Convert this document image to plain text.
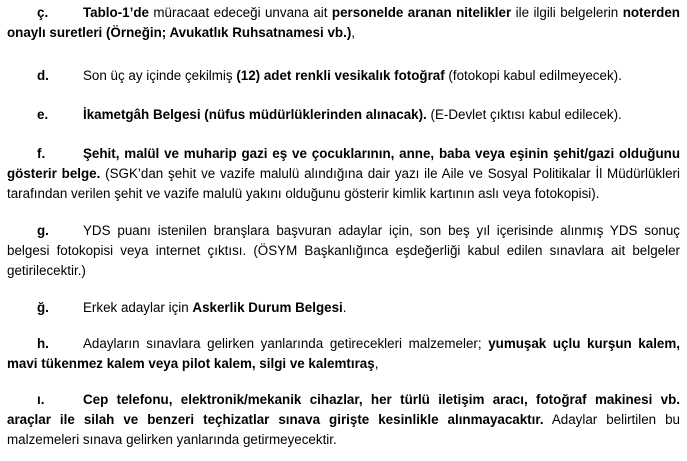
ç.	Tablo-1’de müracaat edeceği unvana ait personelde aranan nitelikler ile ilgili belgelerin noterden onaylı suretleri (Örneğin; Avukatlık Ruhsatnamesi vb.),

d.	Son üç ay içinde çekilmiş (12) adet renkli vesikalık fotoğraf (fotokopi kabul edilmeyecek).

e.	İkametgâh Belgesi (nüfus müdürlüklerinden alınacak). (E-Devlet çıktısı kabul edilecek).

f.	Şehit, malül ve muharip gazi eş ve çocuklarının, anne, baba veya eşinin şehit/gazi olduğunu gösterir belge. (SGK’dan şehit ve vazife malulü alındığına dair yazı ile Aile ve Sosyal Politikalar İl Müdürlükleri tarafından verilen şehit ve vazife malulü yakını olduğunu gösterir kimlik kartının aslı veya fotokopisi).

g.	YDS puanı istenilen branşlara başvuran adaylar için, son beş yıl içerisinde alınmış YDS sonuç belgesi fotokopisi veya internet çıktısı. (ÖSYM Başkanlığınca eşdeğerliği kabul edilen sınavlara ait belgeler getirilecektir.)

ğ.	Erkek adaylar için Askerlik Durum Belgesi.

h.	Adayların sınavlara gelirken yanlarında getirecekleri malzemeler; yumuşak uçlu kurşun kalem, mavi tükenmez kalem veya pilot kalem, silgi ve kalemtıraş,

ı.	Cep telefonu, elektronik/mekanik cihazlar, her türlü iletişim aracı, fotoğraf makinesi vb. araçlar ile silah ve benzeri teçhizatlar sınava girişte kesinlikle alınmayacaktır. Adaylar belirtilen bu malzemeleri sınava gelirken yanlarında getirmeyecektir.
